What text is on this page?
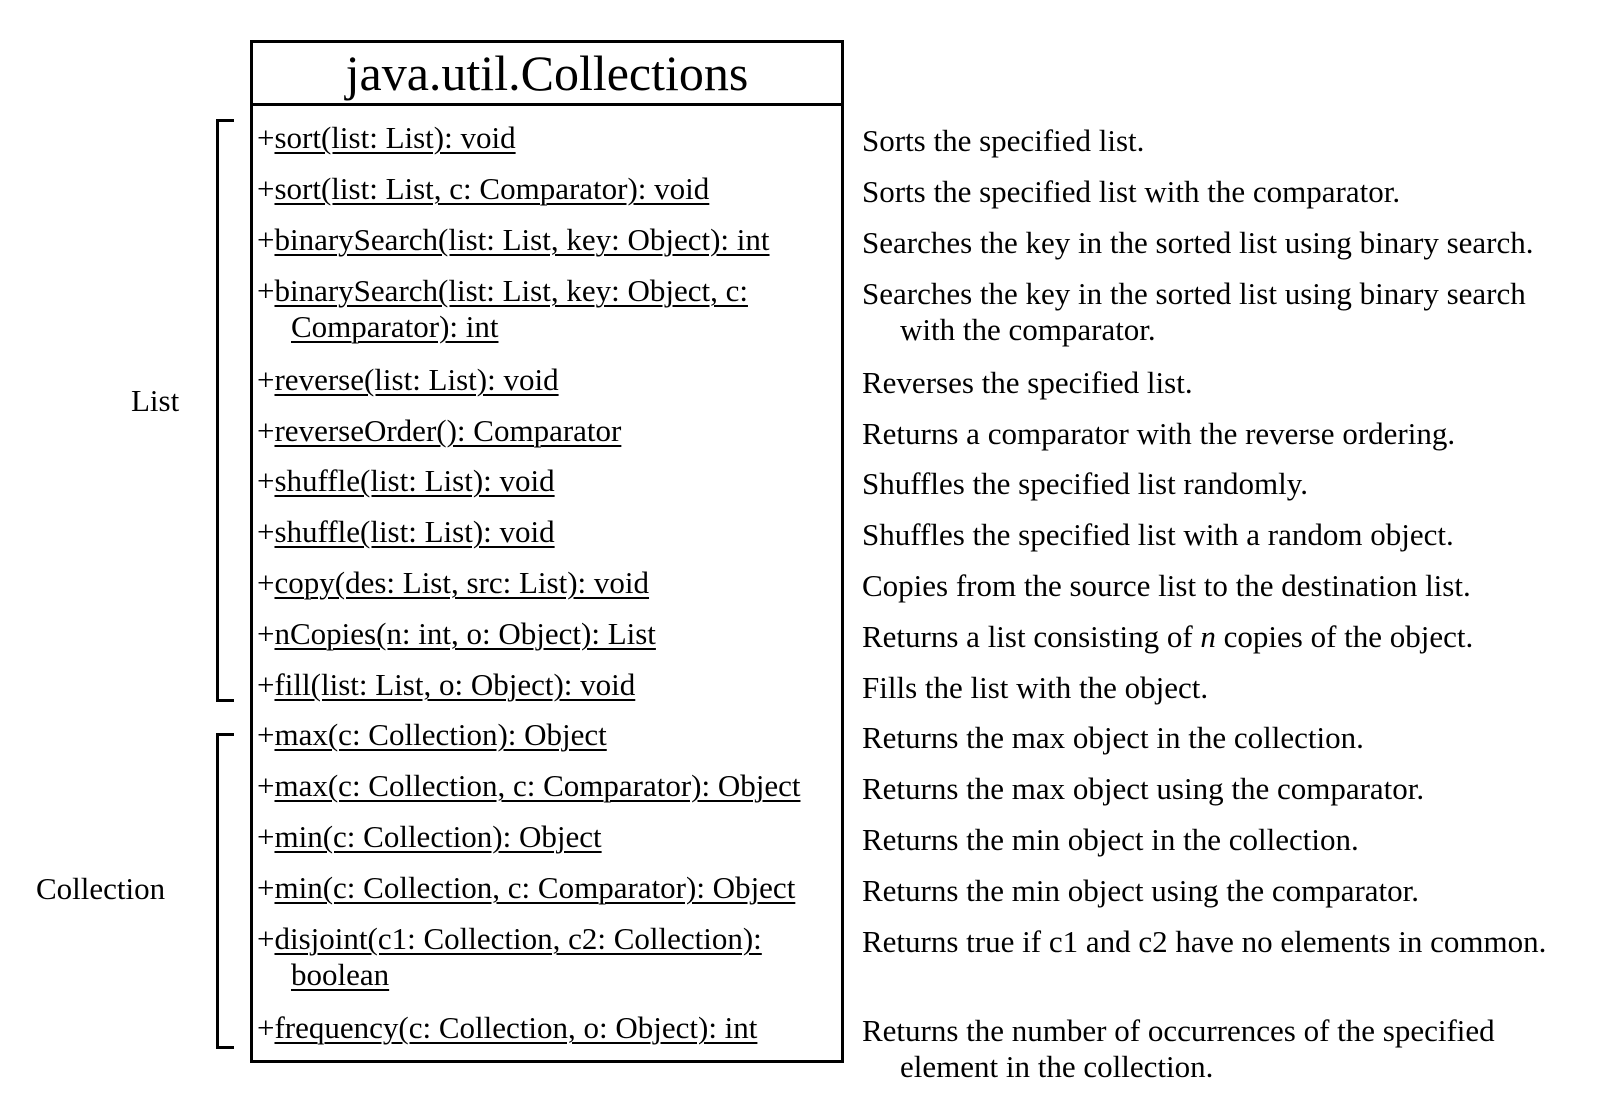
List
Collection
java.util.Collections
+sort(list: List): void
+sort(list: List, c: Comparator): void
+binarySearch(list: List, key: Object): int
+binarySearch(list: List, key: Object, c:
Comparator): int
+reverse(list: List): void
+reverseOrder(): Comparator
+shuffle(list: List): void
+shuffle(list: List): void
+copy(des: List, src: List): void
+nCopies(n: int, o: Object): List
+fill(list: List, o: Object): void
+max(c: Collection): Object
+max(c: Collection, c: Comparator): Object
+min(c: Collection): Object
+min(c: Collection, c: Comparator): Object
+disjoint(c1: Collection, c2: Collection):
boolean
+frequency(c: Collection, o: Object): int
Sorts the specified list.
Sorts the specified list with the comparator.
Searches the key in the sorted list using binary search.
Searches the key in the sorted list using binary search
with the comparator.
Reverses the specified list.
Returns a comparator with the reverse ordering.
Shuffles the specified list randomly.
Shuffles the specified list with a random object.
Copies from the source list to the destination list.
Returns a list consisting of n copies of the object.
Fills the list with the object.
Returns the max object in the collection.
Returns the max object using the comparator.
Returns the min object in the collection.
Returns the min object using the comparator.
Returns true if c1 and c2 have no elements in common.
Returns the number of occurrences of the specified
element in the collection.
